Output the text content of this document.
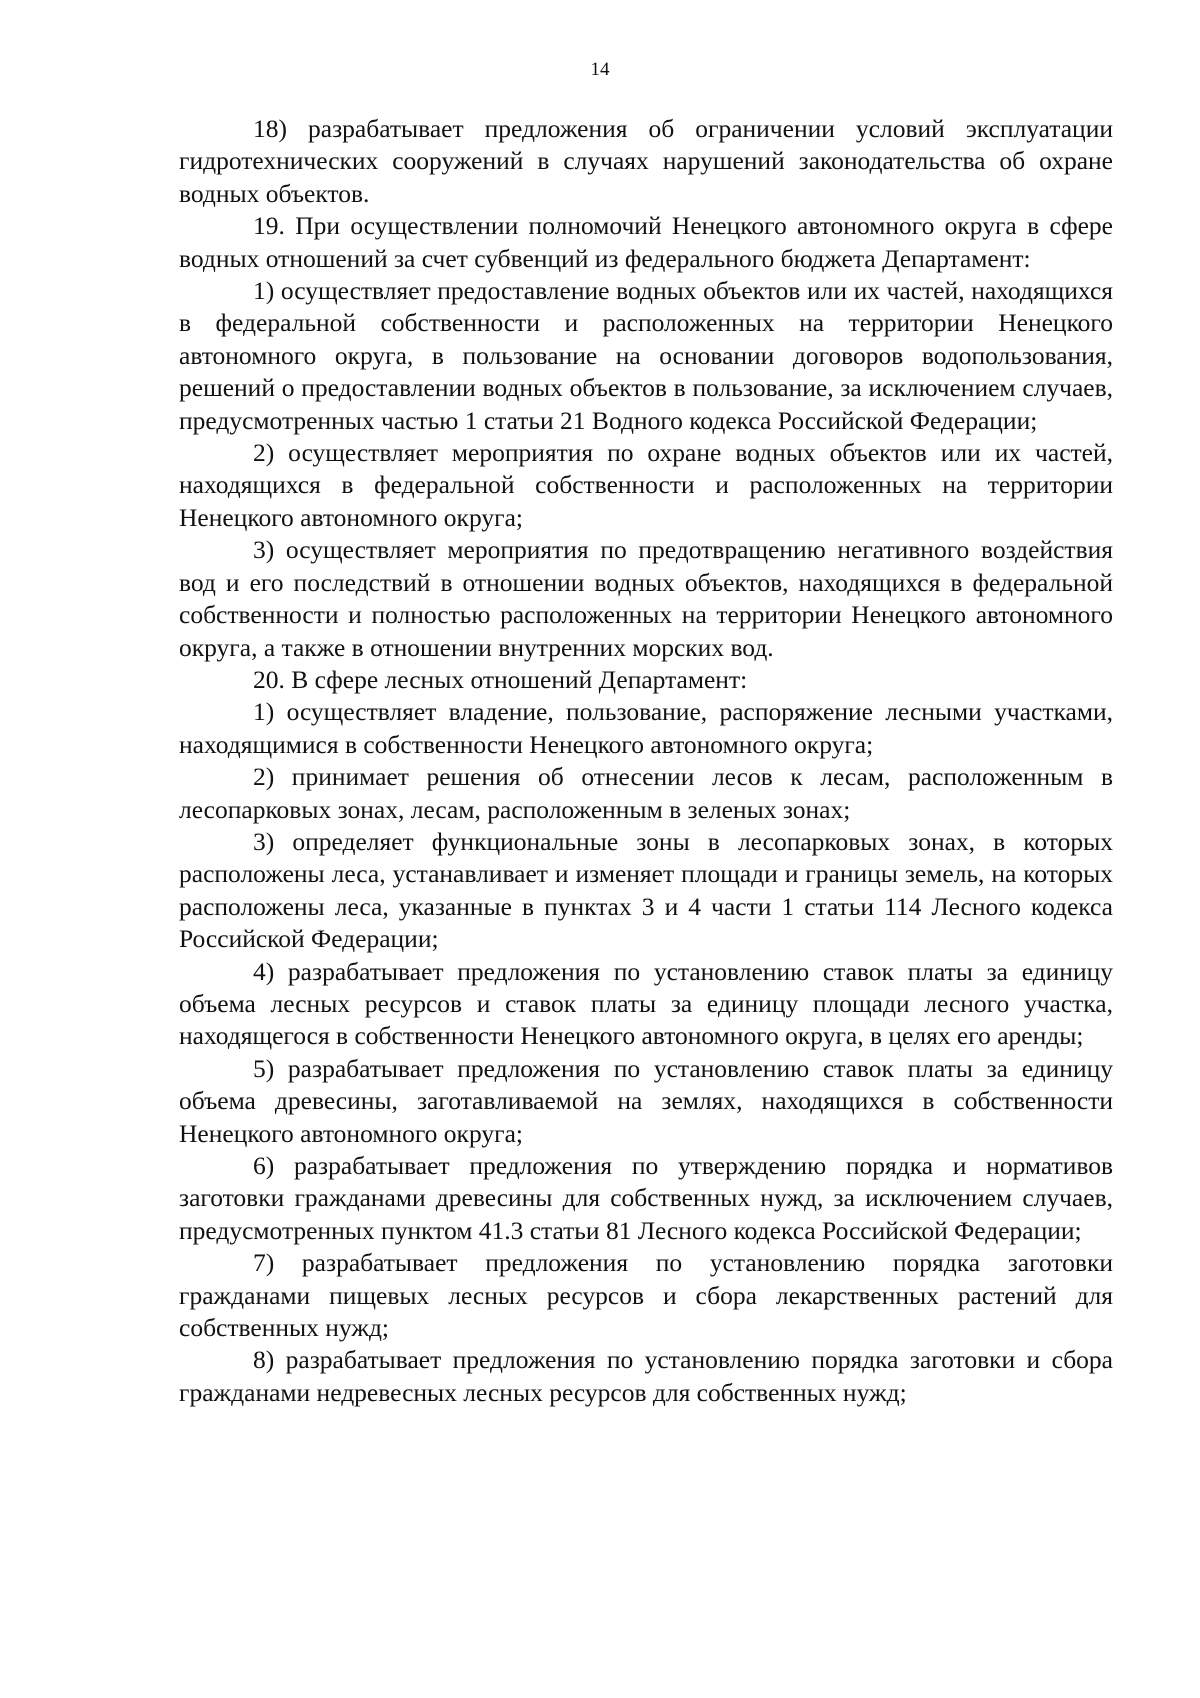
14

18) разрабатывает предложения об ограничении условий эксплуатации гидротехнических сооружений в случаях нарушений законодательства об охране водных объектов.

19. При осуществлении полномочий Ненецкого автономного округа в сфере водных отношений за счет субвенций из федерального бюджета Департамент:

1) осуществляет предоставление водных объектов или их частей, находящихся в федеральной собственности и расположенных на территории Ненецкого автономного округа, в пользование на основании договоров водопользования, решений о предоставлении водных объектов в пользование, за исключением случаев, предусмотренных частью 1 статьи 21 Водного кодекса Российской Федерации;

2) осуществляет мероприятия по охране водных объектов или их частей, находящихся в федеральной собственности и расположенных на территории Ненецкого автономного округа;

3) осуществляет мероприятия по предотвращению негативного воздействия вод и его последствий в отношении водных объектов, находящихся в федеральной собственности и полностью расположенных на территории Ненецкого автономного округа, а также в отношении внутренних морских вод.

20. В сфере лесных отношений Департамент:

1) осуществляет владение, пользование, распоряжение лесными участками, находящимися в собственности Ненецкого автономного округа;

2) принимает решения об отнесении лесов к лесам, расположенным в лесопарковых зонах, лесам, расположенным в зеленых зонах;

3) определяет функциональные зоны в лесопарковых зонах, в которых расположены леса, устанавливает и изменяет площади и границы земель, на которых расположены леса, указанные в пунктах 3 и 4 части 1 статьи 114 Лесного кодекса Российской Федерации;

4) разрабатывает предложения по установлению ставок платы за единицу объема лесных ресурсов и ставок платы за единицу площади лесного участка, находящегося в собственности Ненецкого автономного округа, в целях его аренды;

5) разрабатывает предложения по установлению ставок платы за единицу объема древесины, заготавливаемой на землях, находящихся в собственности Ненецкого автономного округа;

6) разрабатывает предложения по утверждению порядка и нормативов заготовки гражданами древесины для собственных нужд, за исключением случаев, предусмотренных пунктом 41.3 статьи 81 Лесного кодекса Российской Федерации;

7) разрабатывает предложения по установлению порядка заготовки гражданами пищевых лесных ресурсов и сбора лекарственных растений для собственных нужд;

8) разрабатывает предложения по установлению порядка заготовки и сбора гражданами недревесных лесных ресурсов для собственных нужд;
